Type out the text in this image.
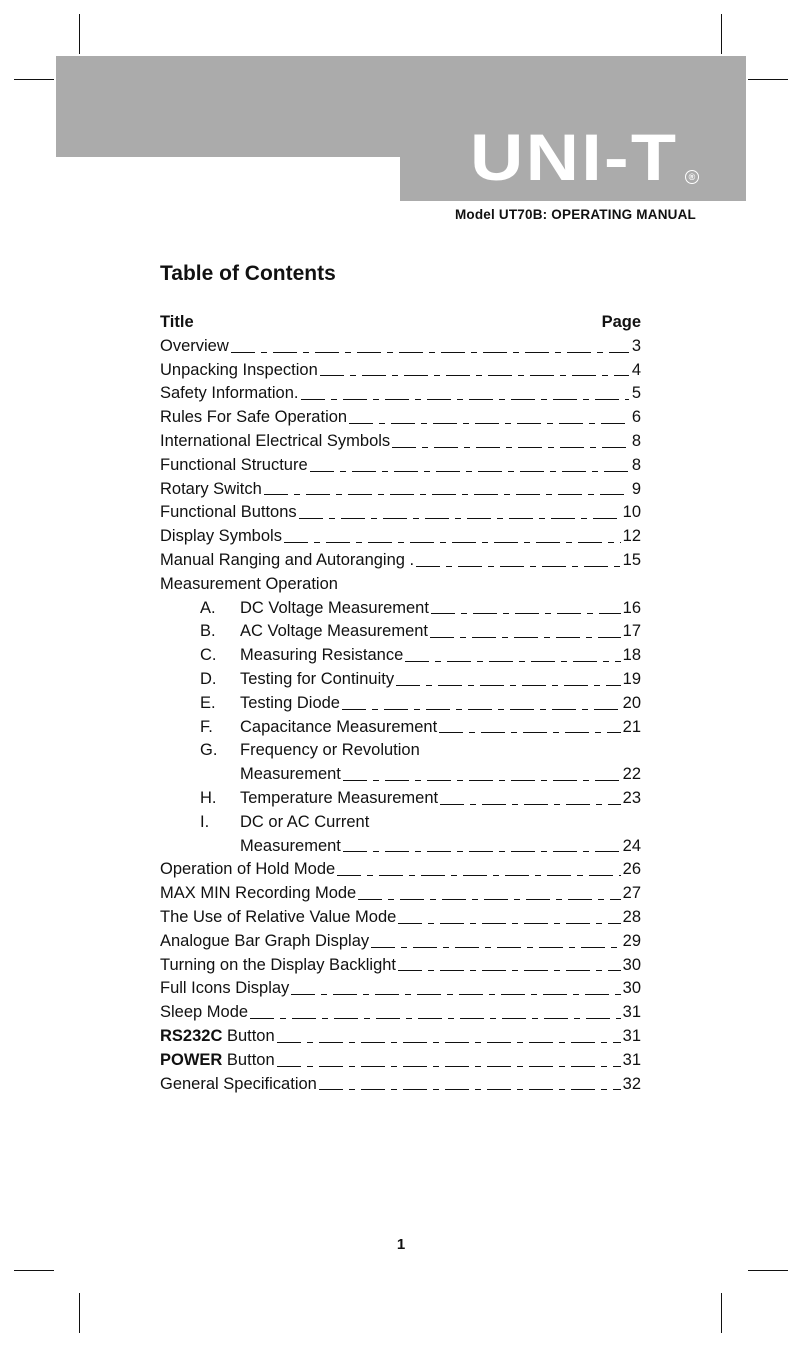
UNI-T	®
Model UT70B: OPERATING MANUAL
Table of Contents
Title	Page
Overview	3
Unpacking Inspection	4
Safety Information.	5
Rules For Safe Operation	6
International Electrical Symbols	8
Functional Structure	8
Rotary Switch	9
Functional Buttons	10
Display Symbols	12
Manual Ranging and Autoranging .	15
Measurement Operation
A.	DC Voltage Measurement	16
B.	AC Voltage Measurement	17
C.	Measuring Resistance	18
D.	Testing for Continuity	19
E.	Testing Diode	20
F.	Capacitance Measurement	21
G.	Frequency or Revolution
Measurement	22
H.	Temperature Measurement	23
I.	DC or AC Current
Measurement	24
Operation of Hold Mode	26
MAX MIN Recording Mode	27
The Use of Relative Value Mode	28
Analogue Bar Graph Display	29
Turning on the Display Backlight	30
Full Icons Display	30
Sleep Mode	31
RS232C Button	31
POWER Button	31
General Specification	32
1
